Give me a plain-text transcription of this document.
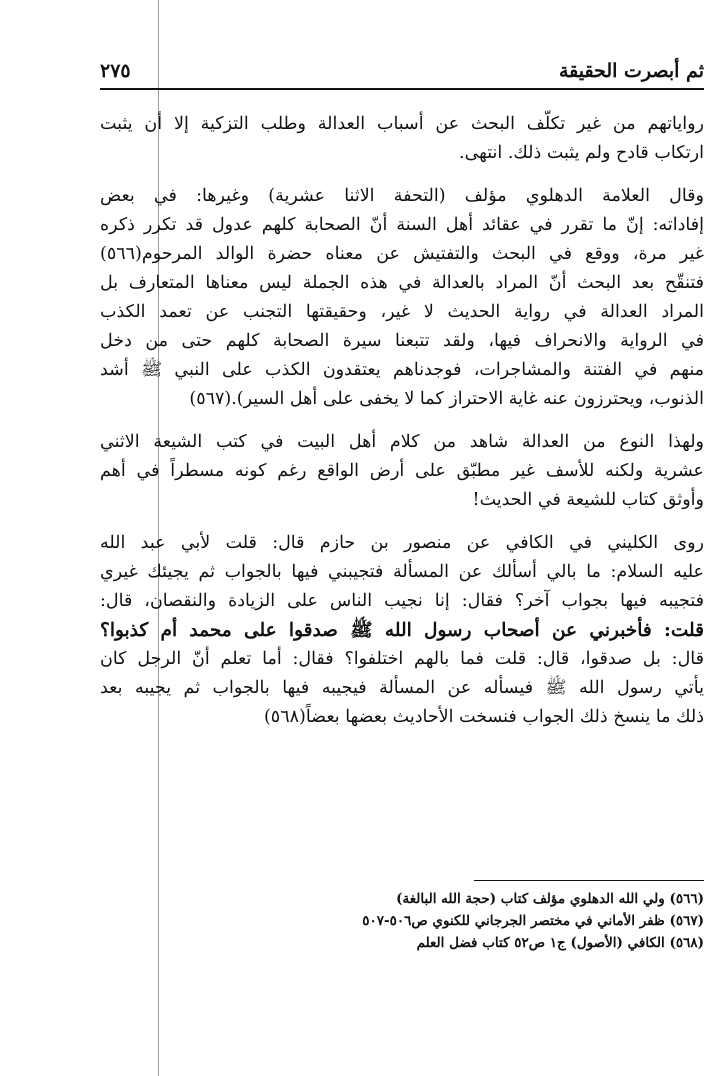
ثم أبصرت الحقيقة
٢٧٥
رواياتهم من غير تكلّف البحث عن أسباب العدالة وطلب التزكية إلا أن يثبت
ارتكاب قادح ولم يثبت ذلك. انتهى.
وقال العلامة الدهلوي مؤلف (التحفة الاثنا عشرية) وغيرها: في بعض
إفاداته: إنّ ما تقرر في عقائد أهل السنة أنّ الصحابة كلهم عدول قد تكرر ذكره
غير مرة، ووقع في البحث والتفتيش عن معناه حضرة الوالد المرحوم(٥٦٦)
فتنقّح بعد البحث أنّ المراد بالعدالة في هذه الجملة ليس معناها المتعارف بل
المراد العدالة في رواية الحديث لا غير، وحقيقتها التجنب عن تعمد الكذب
في الرواية والانحراف فيها، ولقد تتبعنا سيرة الصحابة كلهم حتى من دخل
منهم في الفتنة والمشاجرات، فوجدناهم يعتقدون الكذب على النبي ﷺ أشد
الذنوب، ويحترزون عنه غاية الاحتراز كما لا يخفى على أهل السير).(٥٦٧)
ولهذا النوع من العدالة شاهد من كلام أهل البيت في كتب الشيعة الاثني
عشرية ولكنه للأسف غير مطبّق على أرض الواقع رغم كونه مسطراً في أهم
وأوثق كتاب للشيعة في الحديث!
روى الكليني في الكافي عن منصور بن حازم قال: قلت لأبي عبد الله
عليه السلام: ما بالي أسألك عن المسألة فتجيبني فيها بالجواب ثم يجيئك غيري
فتجيبه فيها بجواب آخر؟ فقال: إنا نجيب الناس على الزيادة والنقصان، قال:
قلت: فأخبرني عن أصحاب رسول الله ﷺ صدقوا على محمد أم كذبوا؟
قال: بل صدقوا، قال: قلت فما بالهم اختلفوا؟ فقال: أما تعلم أنّ الرجل كان
يأتي رسول الله ﷺ فيسأله عن المسألة فيجيبه فيها بالجواب ثم يجيبه بعد
ذلك ما ينسخ ذلك الجواب فنسخت الأحاديث بعضها بعضاً(٥٦٨)
(٥٦٦) ولي الله الدهلوي مؤلف كتاب (حجة الله البالغة)
(٥٦٧) ظفر الأماني في مختصر الجرجاني للكنوي ص٥٠٦-٥٠٧
(٥٦٨) الكافي (الأصول) ج١ ص٥٢ كتاب فضل العلم
